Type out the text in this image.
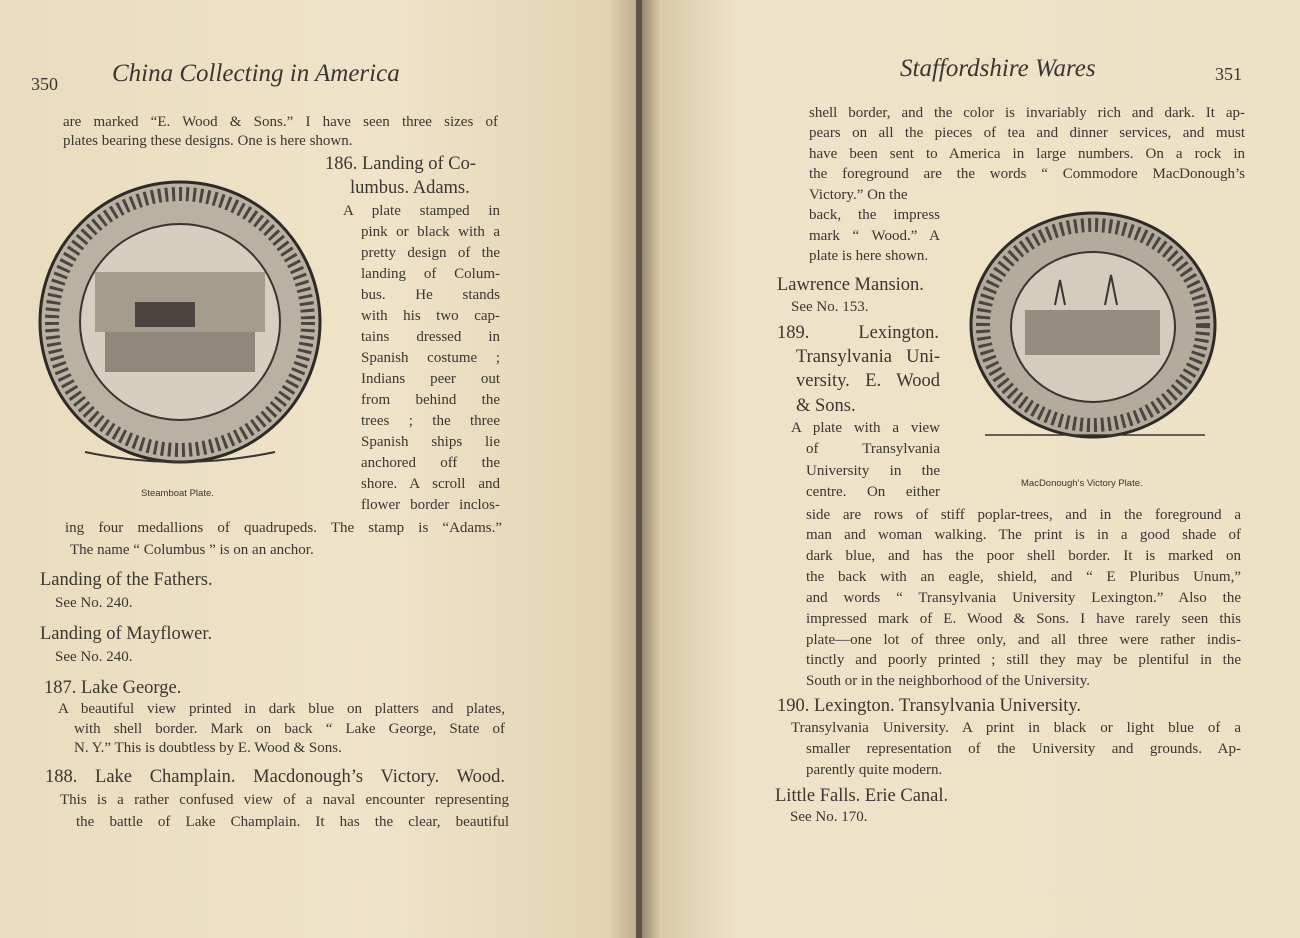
350 China Collecting in America	Staffordshire Wares	351
Steamboat Plate.
MacDonough’s Victory Plate.
are marked “E. Wood & Sons.” I have seen three sizes of
plates bearing these designs. One is here shown.
186. Landing of Co-
lumbus. Adams.
A plate stamped in
pink or black with a
pretty design of the
landing of Colum-
bus. He stands
with his two cap-
tains dressed in
Spanish costume ;
Indians peer out
from behind the
trees ; the three
Spanish ships lie
anchored off the
shore. A scroll and
flower border inclos-
ing four medallions of quadrupeds. The stamp is “Adams.”
The name “ Columbus ” is on an anchor.
Landing of the Fathers.
See No. 240.
Landing of Mayflower.
See No. 240.
187. Lake George.
A beautiful view printed in dark blue on platters and plates,
with shell border. Mark on back “ Lake George, State of
N. Y.” This is doubtless by E. Wood & Sons.
188. Lake Champlain. Macdonough’s Victory. Wood.
This is a rather confused view of a naval encounter representing
the battle of Lake Champlain. It has the clear, beautiful
shell border, and the color is invariably rich and dark. It ap-
pears on all the pieces of tea and dinner services, and must
have been sent to America in large numbers. On a rock in
the foreground are the words “ Commodore MacDonough’s
Victory.” On the
back, the impress
mark “ Wood.” A
plate is here shown.
Lawrence Mansion.
See No. 153.
189. Lexington.
Transylvania Uni-
versity. E. Wood
& Sons.
A plate with a view
of Transylvania
University in the
centre. On either
side are rows of stiff poplar-trees, and in the foreground a
man and woman walking. The print is in a good shade of
dark blue, and has the poor shell border. It is marked on
the back with an eagle, shield, and “ E Pluribus Unum,”
and words “ Transylvania University Lexington.” Also the
impressed mark of E. Wood & Sons. I have rarely seen this
plate—one lot of three only, and all three were rather indis-
tinctly and poorly printed ; still they may be plentiful in the
South or in the neighborhood of the University.
190. Lexington. Transylvania University.
Transylvania University. A print in black or light blue of a
smaller representation of the University and grounds. Ap-
parently quite modern.
Little Falls. Erie Canal.
See No. 170.
